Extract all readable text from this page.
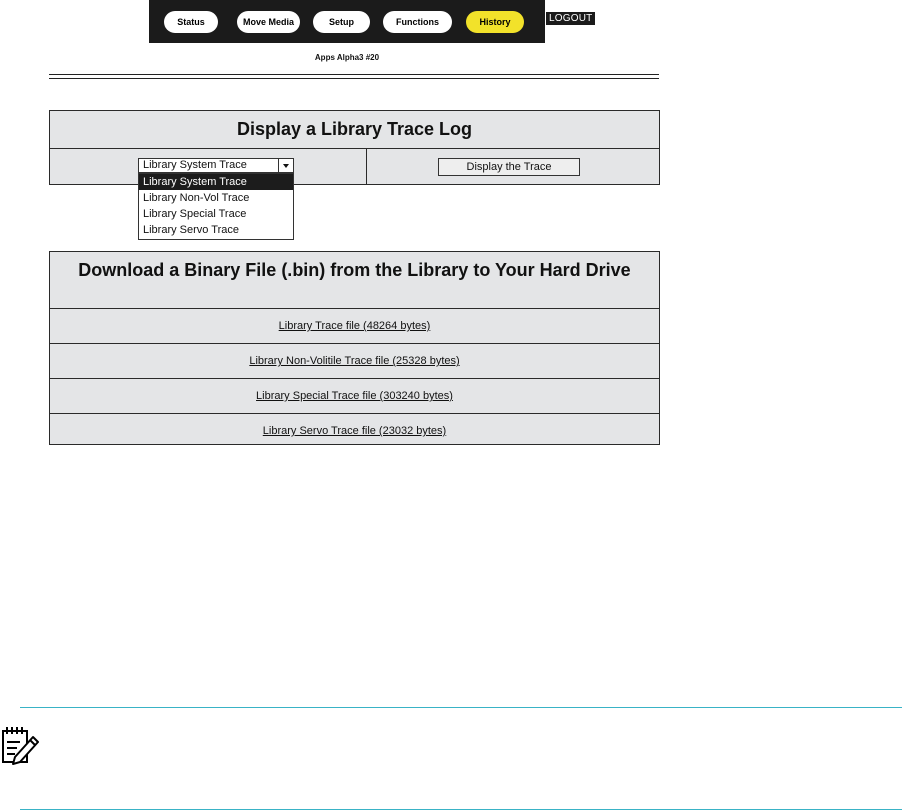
Status	Move Media	Setup	Functions	History	LOGOUT
Apps Alpha3 #20
Display a Library Trace Log
Library System Trace	Display the Trace
Library System Trace
Library Non-Vol Trace
Library Special Trace
Library Servo Trace
Download a Binary File (.bin) from the Library to Your Hard Drive
Library Trace file (48264 bytes)
Library Non-Volitile Trace file (25328 bytes)
Library Special Trace file (303240 bytes)
Library Servo Trace file (23032 bytes)
